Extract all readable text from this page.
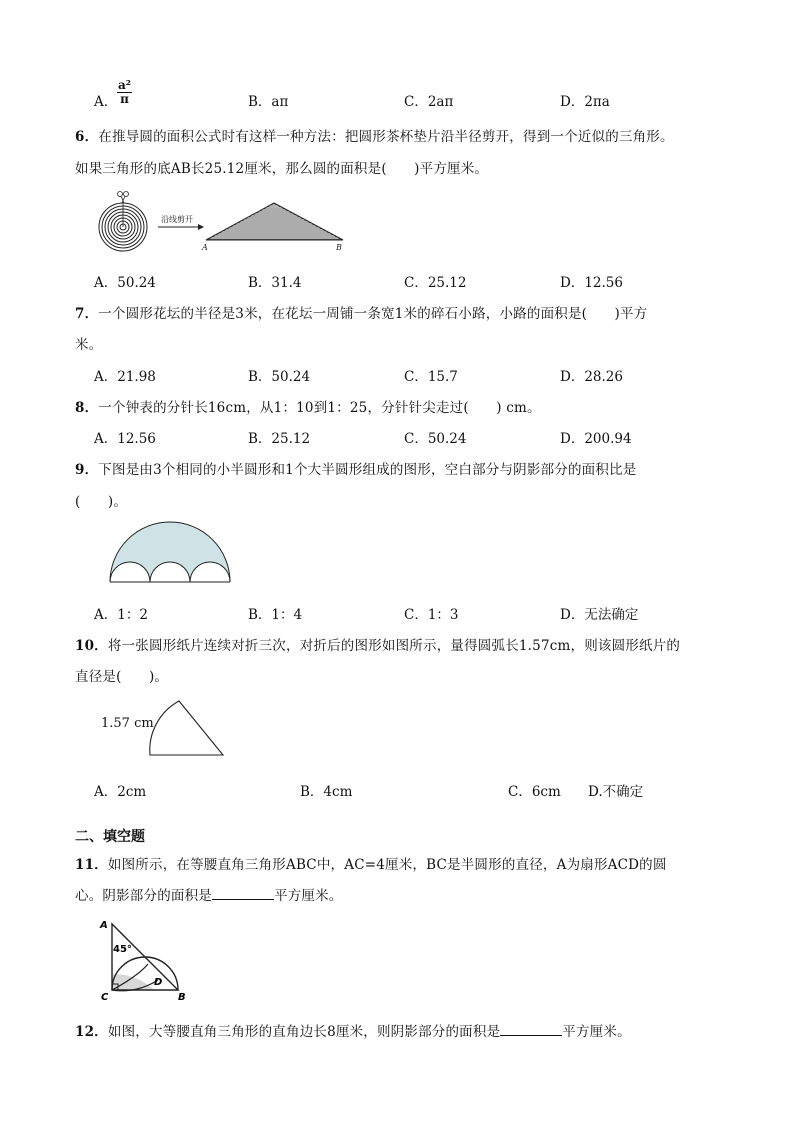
A． $\frac{\text{a²}}{\pi}$	B．aπ	C．2aπ	D．2πa
6．在推导圆的面积公式时有这样一种方法：把圆形茶杯垫片沿半径剪开，得到一个近似的三角形。
如果三角形的底AB长25.12厘米，那么圆的面积是(　　)平方厘米。
沿线剪开
A	B
A．50.24	B．31.4	C．25.12	D．12.56
7．一个圆形花坛的半径是3米，在花坛一周铺一条宽1米的碎石小路，小路的面积是(　　)平方
米。
A．21.98	B．50.24	C．15.7	D．28.26
8．一个钟表的分针长16cm，从1：10到1：25，分针针尖走过(　　) cm。
A．12.56	B．25.12	C．50.24	D．200.94
9．下图是由3个相同的小半圆形和1个大半圆形组成的图形，空白部分与阴影部分的面积比是
(　　)。
A．1：2	B．1：4	C．1：3	D．无法确定
10．将一张圆形纸片连续对折三次，对折后的图形如图所示，量得圆弧长1.57cm，则该圆形纸片的
直径是(　　)。
1.57 cm
A．2cm	B．4cm	C．6cm D.不确定
二、填空题
11．如图所示，在等腰直角三角形ABC中，AC=4厘米，BC是半圆形的直径，A为扇形ACD的圆
心。阴影部分的面积是	平方厘米。
A
45°
C
D
B
12．如图，大等腰直角三角形的直角边长8厘米，则阴影部分的面积是	平方厘米。
